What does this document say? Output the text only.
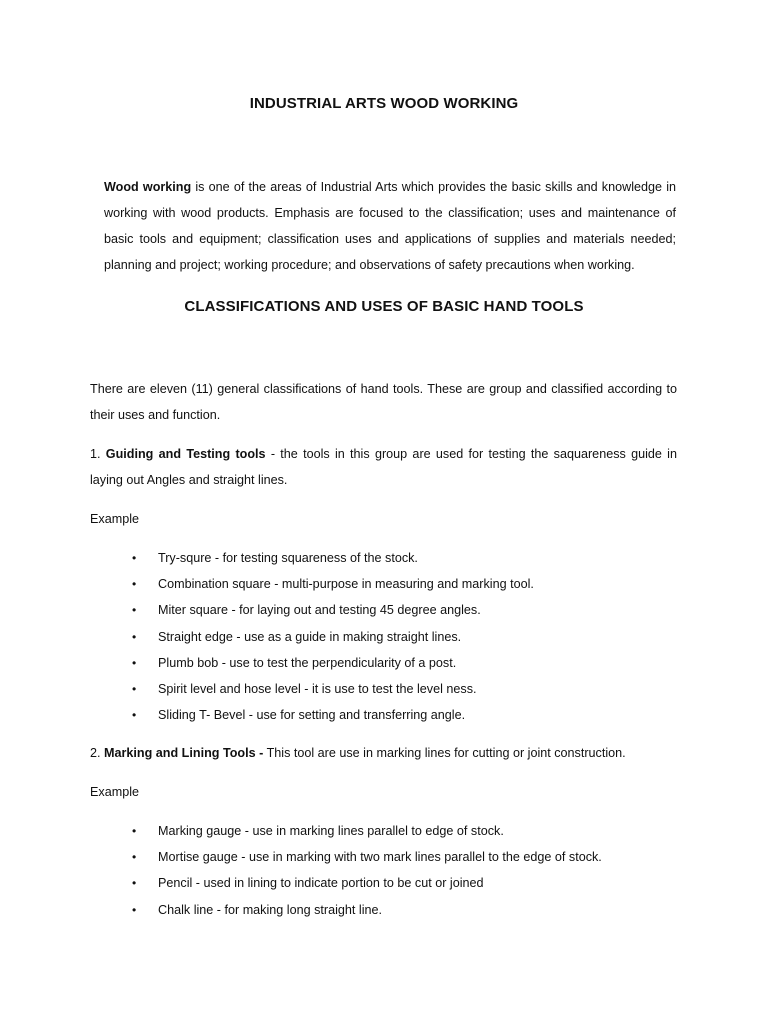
INDUSTRIAL ARTS WOOD WORKING

Wood working is one of the areas of Industrial Arts which provides the basic skills and knowledge in working with wood products. Emphasis are focused to the classification; uses and maintenance of basic tools and equipment; classification uses and applications of supplies and materials needed; planning and project; working procedure; and observations of safety precautions when working.

CLASSIFICATIONS AND USES OF BASIC HAND TOOLS

There are eleven (11) general classifications of hand tools. These are group and classified according to their uses and function.

1. Guiding and Testing tools - the tools in this group are used for testing the saquareness guide in laying out Angles and straight lines.

Example

• Try-squre - for testing squareness of the stock.
• Combination square - multi-purpose in measuring and marking tool.
• Miter square - for laying out and testing 45 degree angles.
• Straight edge - use as a guide in making straight lines.
• Plumb bob - use to test the perpendicularity of a post.
• Spirit level and hose level - it is use to test the level ness.
• Sliding T- Bevel - use for setting and transferring angle.

2. Marking and Lining Tools - This tool are use in marking lines for cutting or joint construction.

Example

• Marking gauge - use in marking lines parallel to edge of stock.
• Mortise gauge - use in marking with two mark lines parallel to the edge of stock.
• Pencil - used in lining to indicate portion to be cut or joined
• Chalk line - for making long straight line.
